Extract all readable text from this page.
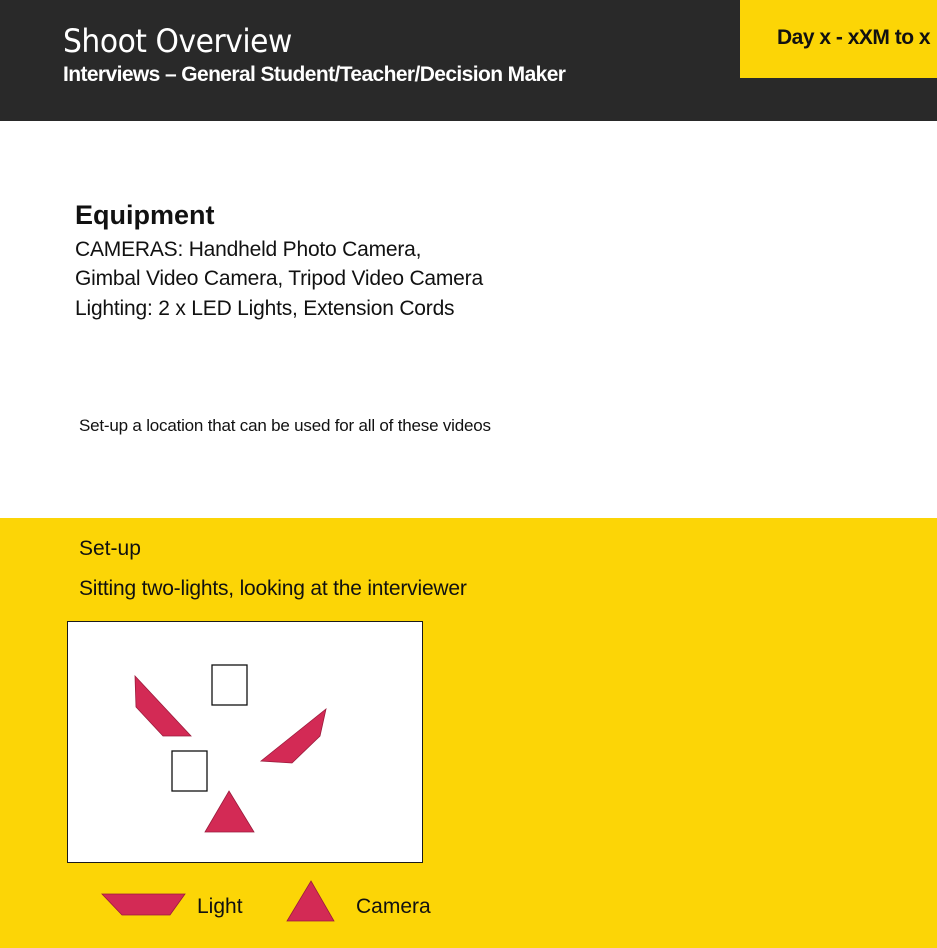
Shoot Overview
Interviews – General Student/Teacher/Decision Maker
Day x - xXM to x
Equipment
CAMERAS: Handheld Photo Camera,
Gimbal Video Camera, Tripod Video Camera
Lighting: 2 x LED Lights, Extension Cords
Set-up a location that can be used for all of these videos
Set-up
Sitting two-lights, looking at the interviewer
Light	Camera
